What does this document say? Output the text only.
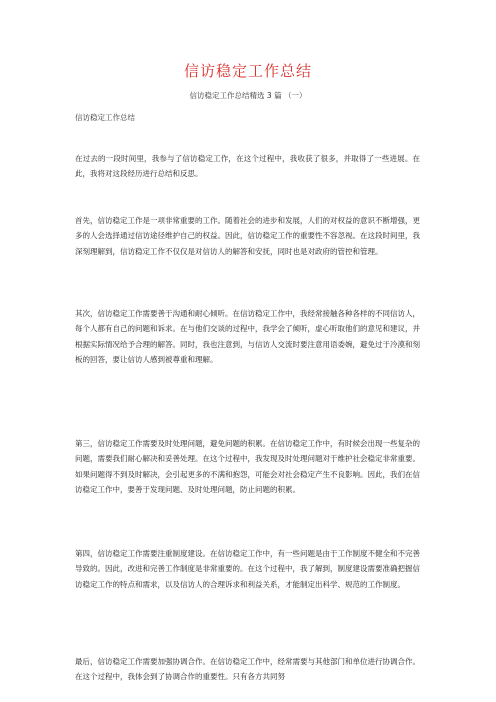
信访稳定工作总结
信访稳定工作总结精选 3 篇 （一）
信访稳定工作总结

在过去的一段时间里，我参与了信访稳定工作，在这个过程中，我收获了很多，并取得了一些进展。在此，我将对这段经历进行总结和反思。

首先，信访稳定工作是一项非常重要的工作。随着社会的进步和发展，人们的对权益的意识不断增强，更多的人会选择通过信访途径维护自己的权益。因此，信访稳定工作的重要性不容忽视。在这段时间里，我深刻理解到，信访稳定工作不仅仅是对信访人的解答和安抚，同时也是对政府的管控和管理。

其次，信访稳定工作需要善于沟通和耐心倾听。在信访稳定工作中，我经常接触各种各样的不同信访人，每个人都有自己的问题和诉求。在与他们交谈的过程中，我学会了倾听，虚心听取他们的意见和建议，并根据实际情况给予合理的解答。同时，我也注意到，与信访人交流时要注意用语委婉，避免过于冷漠和刻板的回答，要让信访人感到被尊重和理解。

第三，信访稳定工作需要及时处理问题，避免问题的积累。在信访稳定工作中，有时候会出现一些复杂的问题，需要我们耐心解决和妥善处理。在这个过程中，我发现及时处理问题对于维护社会稳定非常重要。如果问题得不到及时解决，会引起更多的不满和抱怨，可能会对社会稳定产生不良影响。因此，我们在信访稳定工作中，要善于发现问题、及时处理问题，防止问题的积累。

第四，信访稳定工作需要注重制度建设。在信访稳定工作中，有一些问题是由于工作制度不健全和不完善导致的。因此，改进和完善工作制度是非常重要的。在这个过程中，我了解到，制度建设需要准确把握信访稳定工作的特点和需求，以及信访人的合理诉求和利益关系，才能制定出科学、规范的工作制度。

最后，信访稳定工作需要加强协调合作。在信访稳定工作中，经常需要与其他部门和单位进行协调合作。在这个过程中，我体会到了协调合作的重要性。只有各方共同努
